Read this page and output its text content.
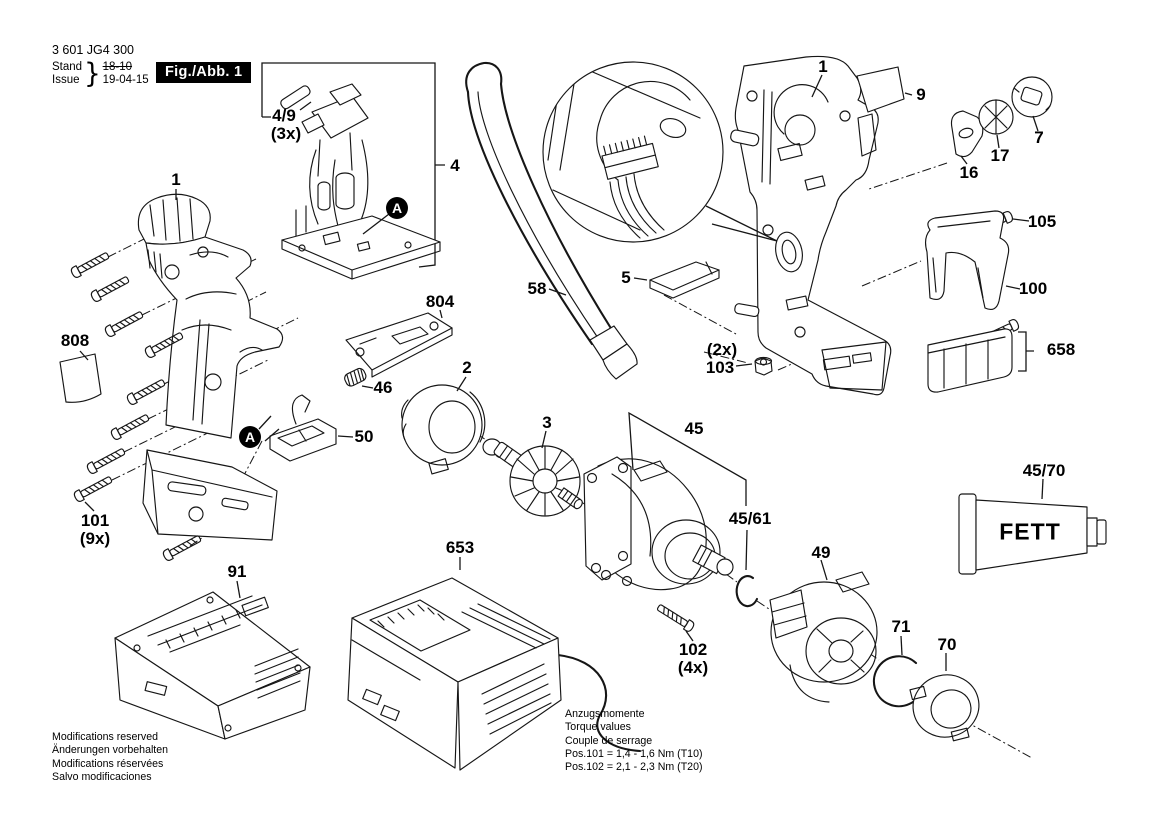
3 601 JG4 300
Stand
Issue } 18-10
19-04-15	Fig./Abb. 1
1
808
101
(9x)
91
4/9
(3x)
4
804
46
50
2
3
653
58
5
(2x)
103
45
45/61
102
(4x)
49
71
70
1
9
16
17
7
105
100
658
45/70
A
A
FETT
Modifications reserved
Änderungen vorbehalten
Modifications réservées
Salvo modificaciones
Anzugsmomente
Torque values
Couple de serrage
Pos.101 = 1,4 - 1,6 Nm (T10)
Pos.102 = 2,1 - 2,3 Nm (T20)
